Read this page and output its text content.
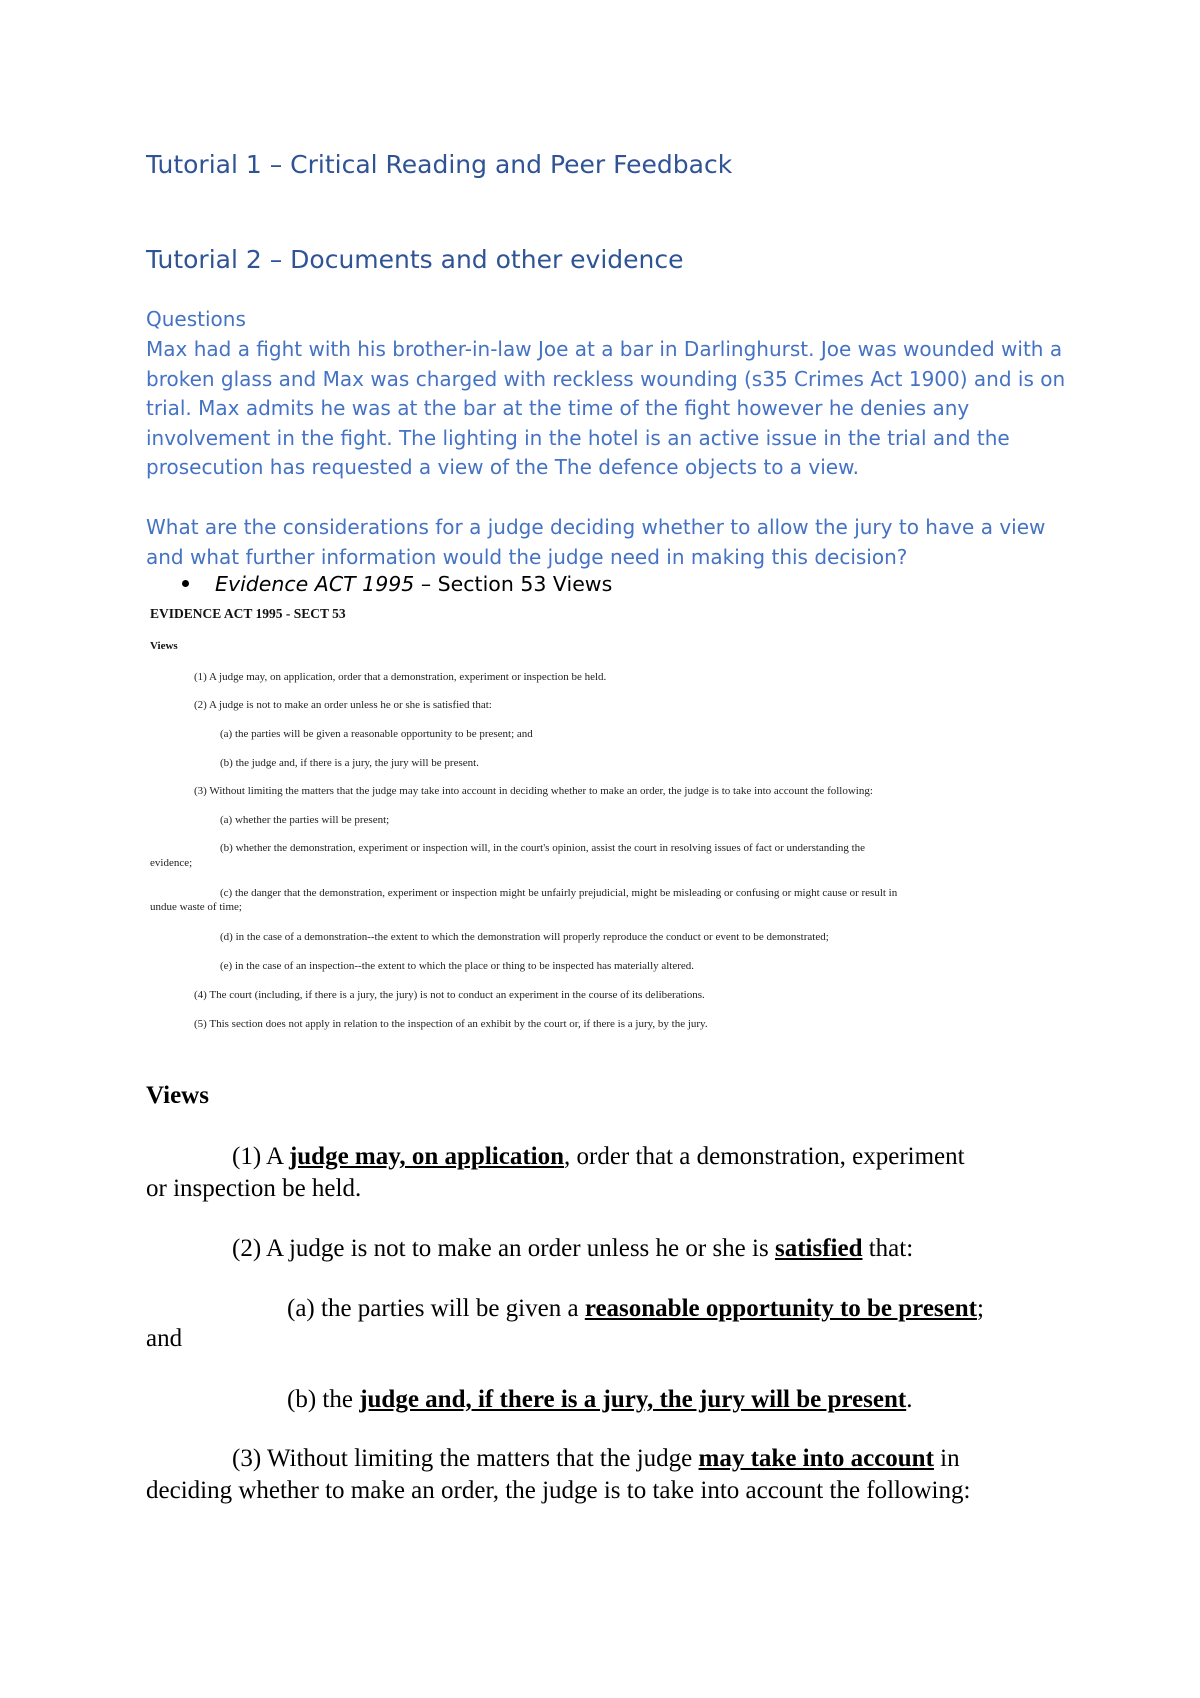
Tutorial 1 – Critical Reading and Peer Feedback
Tutorial 2 – Documents and other evidence
Questions
Max had a fight with his brother-in-law Joe at a bar in Darlinghurst. Joe was wounded with a broken glass and Max was charged with reckless wounding (s35 Crimes Act 1900) and is on trial. Max admits he was at the bar at the time of the fight however he denies any involvement in the fight. The lighting in the hotel is an active issue in the trial and the prosecution has requested a view of the The defence objects to a view.
What are the considerations for a judge deciding whether to allow the jury to have a view and what further information would the judge need in making this decision?
Evidence ACT 1995 – Section 53 Views
EVIDENCE ACT 1995 - SECT 53
Views
(1) A judge may, on application, order that a demonstration, experiment or inspection be held.
(2) A judge is not to make an order unless he or she is satisfied that:
(a) the parties will be given a reasonable opportunity to be present; and
(b) the judge and, if there is a jury, the jury will be present.
(3) Without limiting the matters that the judge may take into account in deciding whether to make an order, the judge is to take into account the following:
(a) whether the parties will be present;
(b) whether the demonstration, experiment or inspection will, in the court's opinion, assist the court in resolving issues of fact or understanding the
evidence;
(c) the danger that the demonstration, experiment or inspection might be unfairly prejudicial, might be misleading or confusing or might cause or result in
undue waste of time;
(d) in the case of a demonstration--the extent to which the demonstration will properly reproduce the conduct or event to be demonstrated;
(e) in the case of an inspection--the extent to which the place or thing to be inspected has materially altered.
(4) The court (including, if there is a jury, the jury) is not to conduct an experiment in the course of its deliberations.
(5) This section does not apply in relation to the inspection of an exhibit by the court or, if there is a jury, by the jury.
Views
(1) A judge may, on application, order that a demonstration, experiment
or inspection be held.
(2) A judge is not to make an order unless he or she is satisfied that:
(a) the parties will be given a reasonable opportunity to be present;
and
(b) the judge and, if there is a jury, the jury will be present.
(3) Without limiting the matters that the judge may take into account in
deciding whether to make an order, the judge is to take into account the following:
